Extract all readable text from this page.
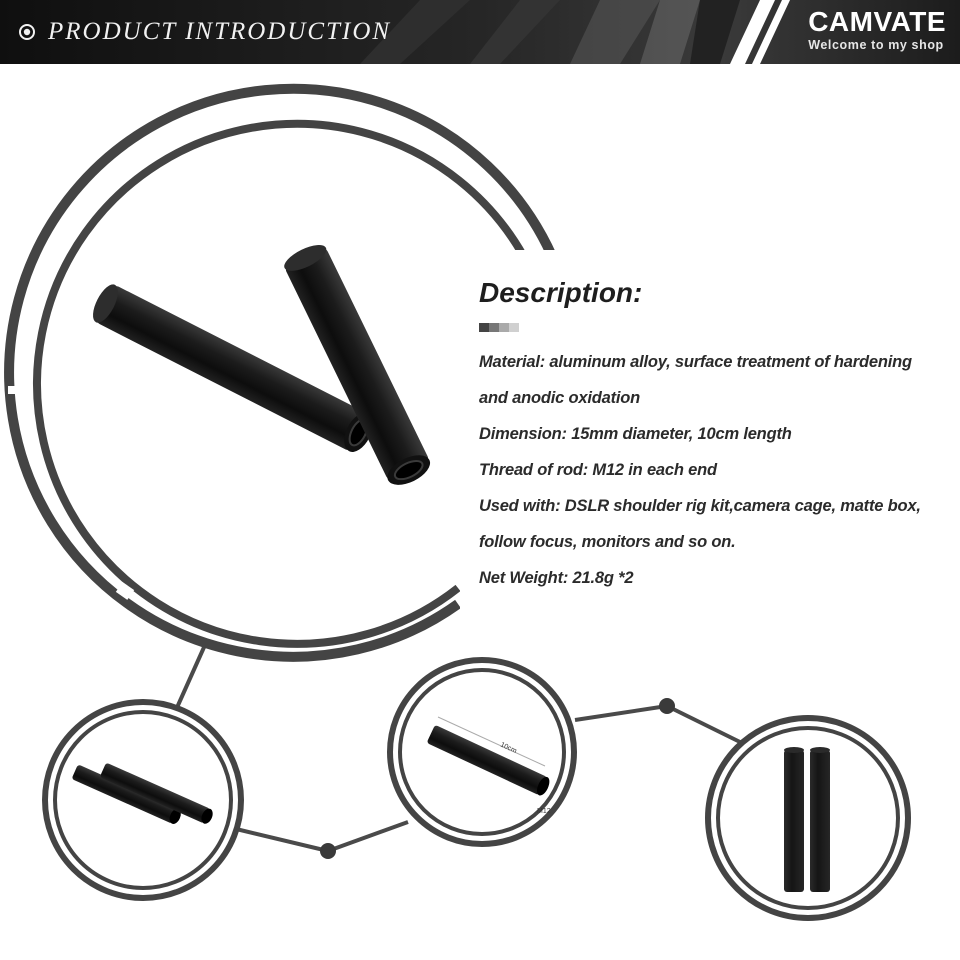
PRODUCT INTRODUCTION	CAMVATE
Welcome to my shop
10cm
M12
Description:
Material: aluminum alloy, surface treatment of hardening
and anodic oxidation
Dimension: 15mm diameter, 10cm length
Thread of rod: M12 in each end
Used with: DSLR shoulder rig kit,camera cage, matte box,
follow focus, monitors and so on.
Net Weight: 21.8g *2
